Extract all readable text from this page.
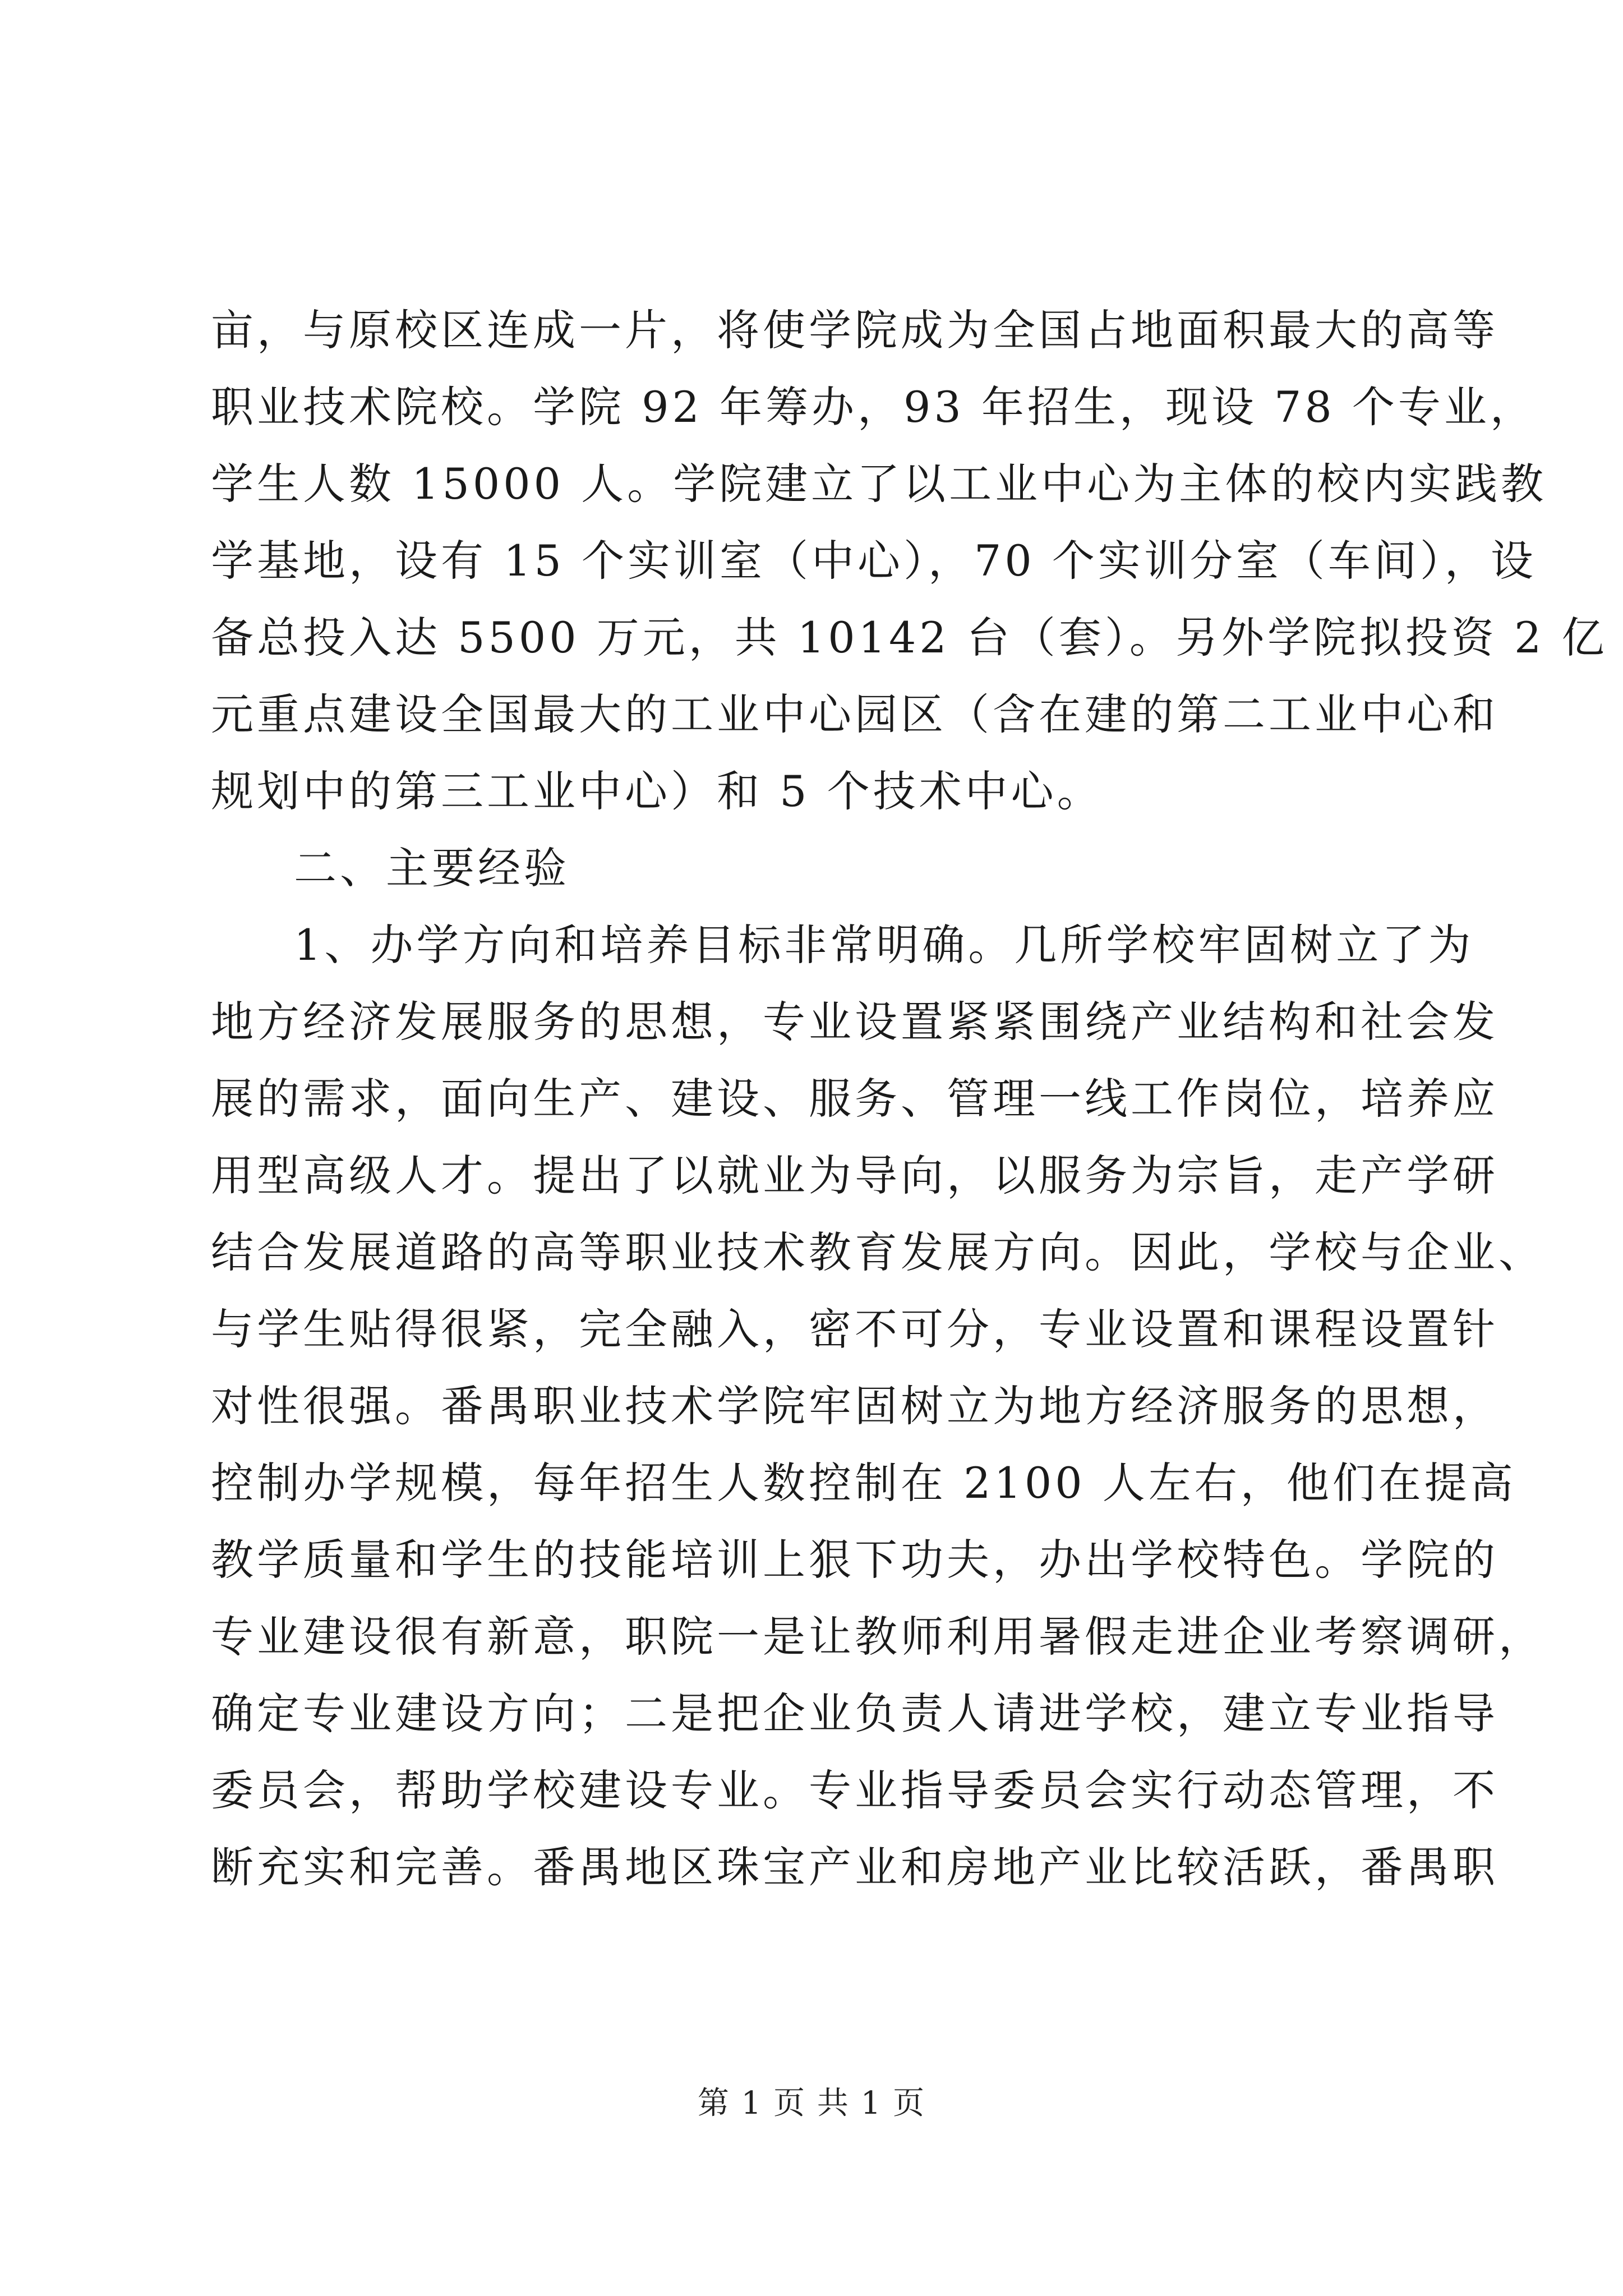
亩，与原校区连成一片，将使学院成为全国占地面积最大的高等
职业技术院校。学院 92 年筹办，93 年招生，现设 78 个专业，
学生人数 15000 人。学院建立了以工业中心为主体的校内实践教
学基地，设有 15 个实训室（中心），70 个实训分室（车间），设
备总投入达 5500 万元，共 10142 台（套）。另外学院拟投资 2 亿
元重点建设全国最大的工业中心园区（含在建的第二工业中心和
规划中的第三工业中心）和 5 个技术中心。
二、主要经验
1、办学方向和培养目标非常明确。几所学校牢固树立了为
地方经济发展服务的思想，专业设置紧紧围绕产业结构和社会发
展的需求，面向生产、建设、服务、管理一线工作岗位，培养应
用型高级人才。提出了以就业为导向，以服务为宗旨，走产学研
结合发展道路的高等职业技术教育发展方向。因此，学校与企业、
与学生贴得很紧，完全融入，密不可分，专业设置和课程设置针
对性很强。番禺职业技术学院牢固树立为地方经济服务的思想，
控制办学规模，每年招生人数控制在 2100 人左右，他们在提高
教学质量和学生的技能培训上狠下功夫，办出学校特色。学院的
专业建设很有新意，职院一是让教师利用暑假走进企业考察调研，
确定专业建设方向；二是把企业负责人请进学校，建立专业指导
委员会，帮助学校建设专业。专业指导委员会实行动态管理，不
断充实和完善。番禺地区珠宝产业和房地产业比较活跃，番禺职
第 1 页 共 1 页
